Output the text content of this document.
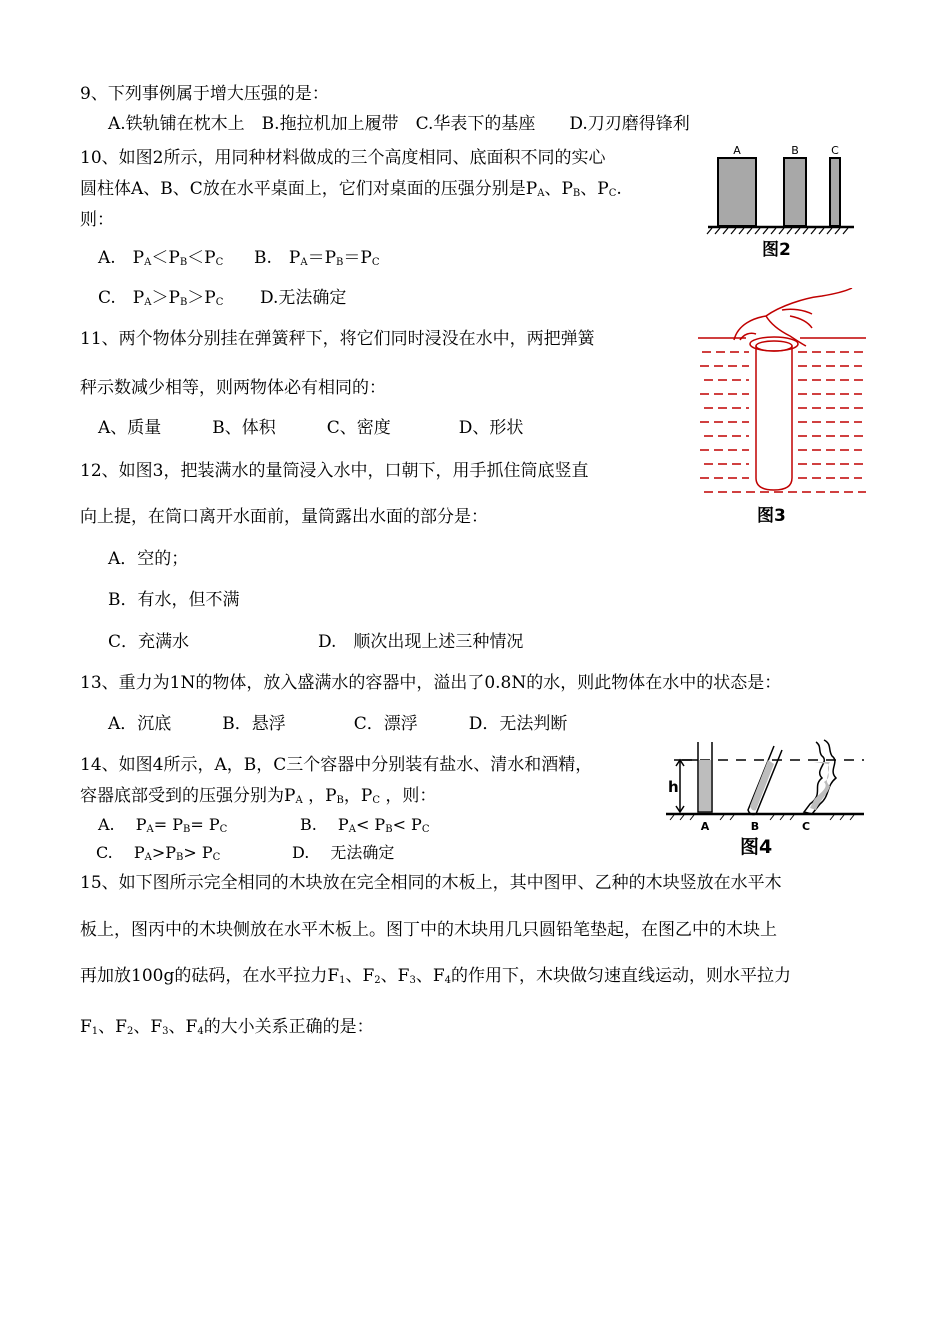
9、下列事例属于增大压强的是：
A.铁轨铺在枕木上　B.拖拉机加上履带　C.华表下的基座　　D.刀刃磨得锋利
10、如图2所示，用同种材料做成的三个高度相同、底面积不同的实心
圆柱体A、B、C放在水平桌面上，它们对桌面的压强分别是$P_A$、$P_B$、$P_C$.
则：
A.　$P_A<P_B<P_C$ B.　$P_A=P_B=P_C$
C.　$P_A>P_B>P_C$ D.无法确定
A	B	C
图2
11、两个物体分别挂在弹簧秤下，将它们同时浸没在水中，两把弹簧
秤示数减少相等，则两物体必有相同的：
A、质量　　　B、体积　　　C、密度　　　　D、形状
图3
12、如图3，把装满水的量筒浸入水中，口朝下，用手抓住筒底竖直
向上提，在筒口离开水面前，量筒露出水面的部分是：
A．空的；
B．有水，但不满
C．充满水	D.　顺次出现上述三种情况
13、重力为1N的物体，放入盛满水的容器中，溢出了0.8N的水，则此物体在水中的状态是：
A．沉底　　　B．悬浮　　　　C．漂浮　　　D．无法判断
14、如图4所示，A，B，C三个容器中分别装有盐水、清水和酒精，
容器底部受到的压强分别为$P_A$ ，$P_B$，$P_C$ ，则：
A.　 $P_A= P_B= P_C$	B.　 $P_A< P_B< P_C$
C.　 $P_A>P_B> P_C$	D.　 无法确定
h
A	B	C
图4
15、如下图所示完全相同的木块放在完全相同的木板上，其中图甲、乙种的木块竖放在水平木
板上，图丙中的木块侧放在水平木板上。图丁中的木块用几只圆铅笔垫起，在图乙中的木块上
再加放100g的砝码，在水平拉力$F_1$、$F_2$、$F_3$、$F_4$的作用下，木块做匀速直线运动，则水平拉力
$F_1$、$F_2$、$F_3$、$F_4$的大小关系正确的是：
